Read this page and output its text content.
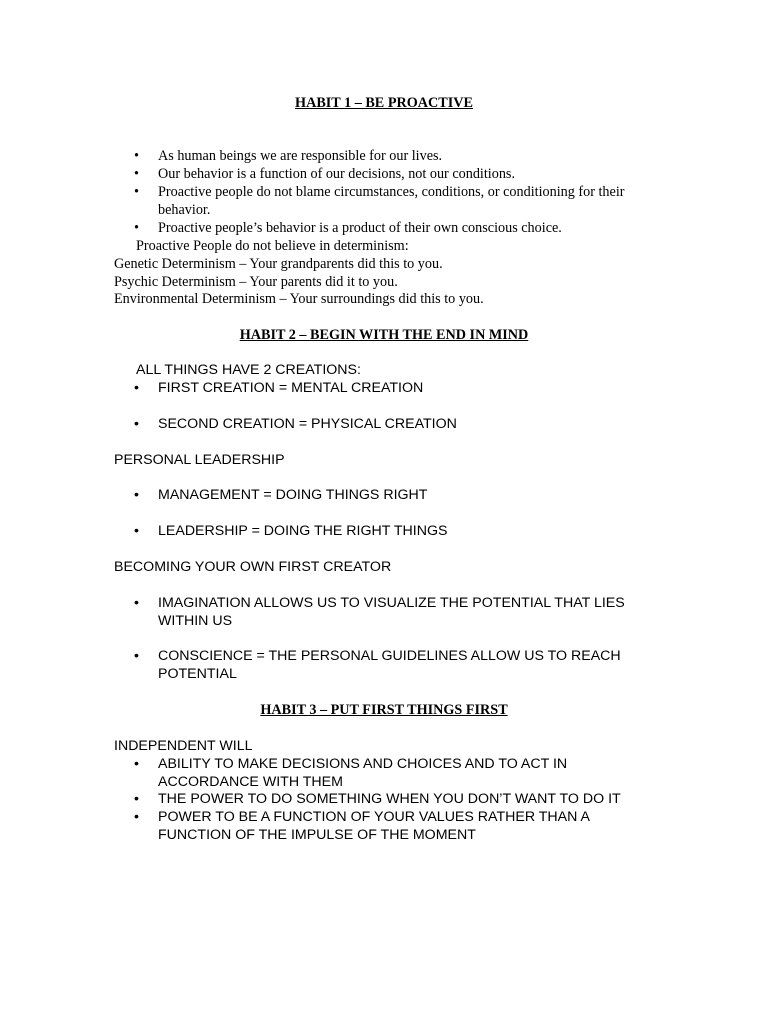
HABIT 1 – BE PROACTIVE

•	As human beings we are responsible for our lives.
•	Our behavior is a function of our decisions, not our conditions.
•	Proactive people do not blame circumstances, conditions, or conditioning for their behavior.
•	Proactive people’s behavior is a product of their own conscious choice.

Proactive People do not believe in determinism:

Genetic Determinism – Your grandparents did this to you.

Psychic Determinism – Your parents did it to you.

Environmental Determinism – Your surroundings did this to you.

HABIT 2 – BEGIN WITH THE END IN MIND

ALL THINGS HAVE 2 CREATIONS:

•	FIRST CREATION = MENTAL CREATION
•	SECOND CREATION = PHYSICAL CREATION

PERSONAL LEADERSHIP

•	MANAGEMENT = DOING THINGS RIGHT
•	LEADERSHIP = DOING THE RIGHT THINGS

BECOMING YOUR OWN FIRST CREATOR

•	IMAGINATION ALLOWS US TO VISUALIZE THE POTENTIAL THAT LIES WITHIN US
•	CONSCIENCE = THE PERSONAL GUIDELINES ALLOW US TO REACH POTENTIAL

HABIT 3 – PUT FIRST THINGS FIRST

INDEPENDENT WILL

•	ABILITY TO MAKE DECISIONS AND CHOICES AND TO ACT IN ACCORDANCE WITH THEM
•	THE POWER TO DO SOMETHING WHEN YOU DON’T WANT TO DO IT
•	POWER TO BE A FUNCTION OF YOUR VALUES RATHER THAN A FUNCTION OF THE IMPULSE OF THE MOMENT
